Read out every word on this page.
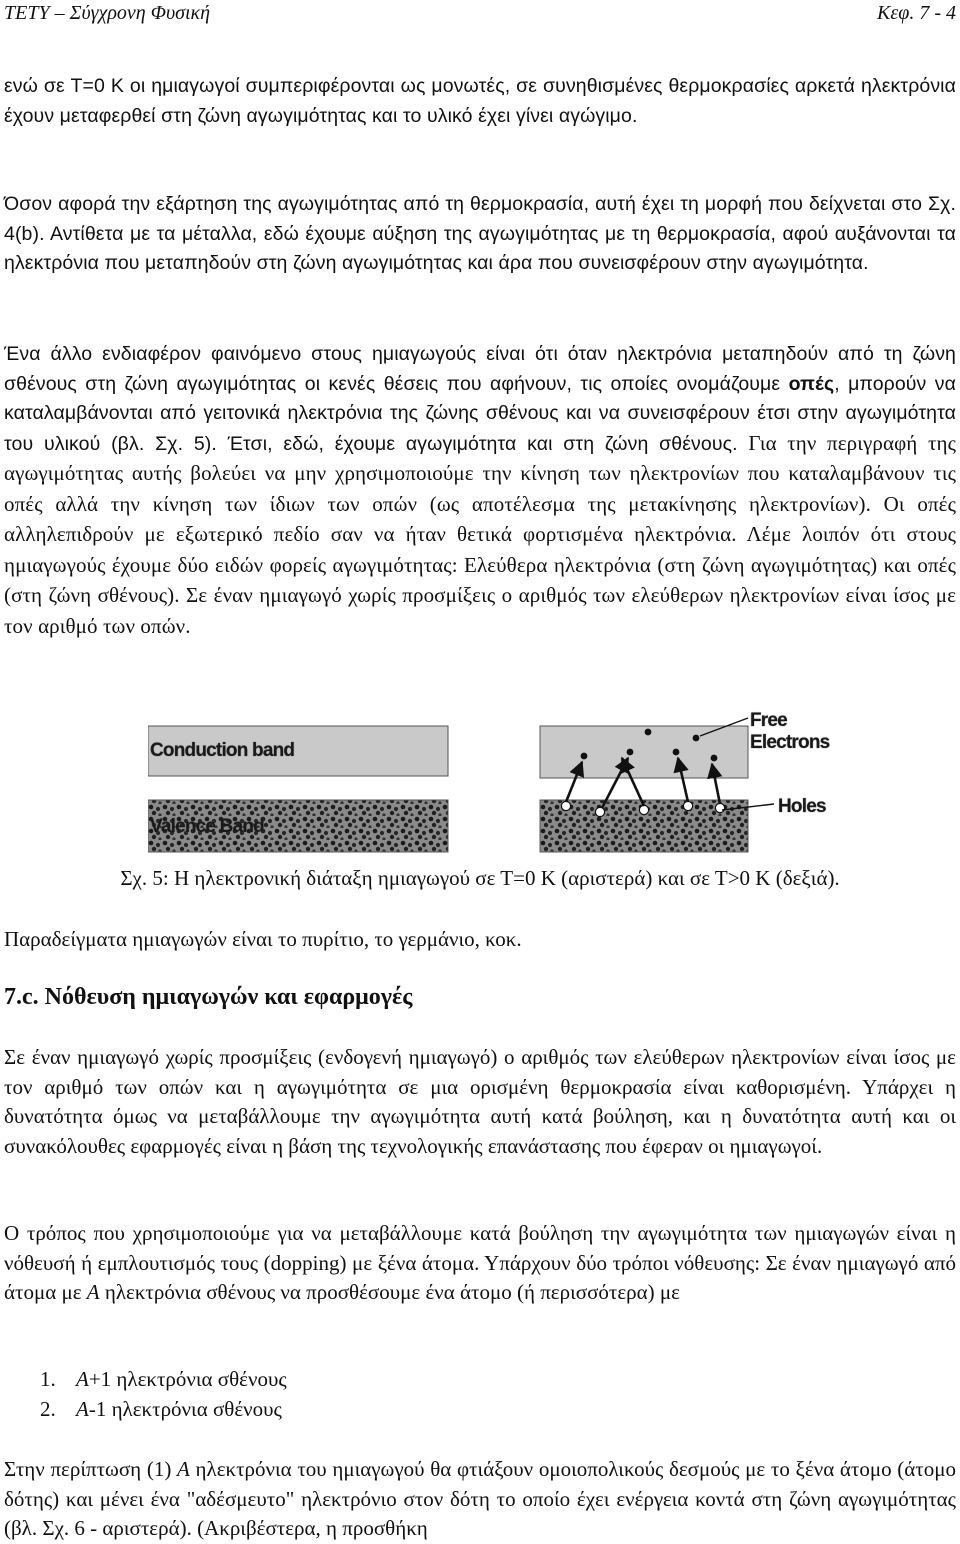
ΤΕΤΥ – Σύγχρονη Φυσική	Κεφ. 7 - 4
ενώ σε Τ=0 Κ οι ημιαγωγοί συμπεριφέρονται ως μονωτές, σε συνηθισμένες θερμοκρασίες αρκετά ηλεκτρόνια έχουν μεταφερθεί στη ζώνη αγωγιμότητας και το υλικό έχει γίνει αγώγιμο.
Όσον αφορά την εξάρτηση της αγωγιμότητας από τη θερμοκρασία, αυτή έχει τη μορφή που δείχνεται στο Σχ. 4(b). Αντίθετα με τα μέταλλα, εδώ έχουμε αύξηση της αγωγιμότητας με τη θερμοκρασία, αφού αυξάνονται τα ηλεκτρόνια που μεταπηδούν στη ζώνη αγωγιμότητας και άρα που συνεισφέρουν στην αγωγιμότητα.
Ένα άλλο ενδιαφέρον φαινόμενο στους ημιαγωγούς είναι ότι όταν ηλεκτρόνια μεταπηδούν από τη ζώνη σθένους στη ζώνη αγωγιμότητας οι κενές θέσεις που αφήνουν, τις οποίες ονομάζουμε οπές, μπορούν να καταλαμβάνονται από γειτονικά ηλεκτρόνια της ζώνης σθένους και να συνεισφέρουν έτσι στην αγωγιμότητα του υλικού (βλ. Σχ. 5). Έτσι, εδώ, έχουμε αγωγιμότητα και στη ζώνη σθένους. Για την περιγραφή της αγωγιμότητας αυτής βολεύει να μην χρησιμοποιούμε την κίνηση των ηλεκτρονίων που καταλαμβάνουν τις οπές αλλά την κίνηση των ίδιων των οπών (ως αποτέλεσμα της μετακίνησης ηλεκτρονίων). Οι οπές αλληλεπιδρούν με εξωτερικό πεδίο σαν να ήταν θετικά φορτισμένα ηλεκτρόνια. Λέμε λοιπόν ότι στους ημιαγωγούς έχουμε δύο ειδών φορείς αγωγιμότητας: Ελεύθερα ηλεκτρόνια (στη ζώνη αγωγιμότητας) και οπές (στη ζώνη σθένους). Σε έναν ημιαγωγό χωρίς προσμίξεις ο αριθμός των ελεύθερων ηλεκτρονίων είναι ίσος με τον αριθμό των οπών.
Conduction band
Valence Band
Free
Electrons
Holes
Σχ. 5: Η ηλεκτρονική διάταξη ημιαγωγού σε Τ=0 Κ (αριστερά) και σε Τ>0 Κ (δεξιά).
Παραδείγματα ημιαγωγών είναι το πυρίτιο, το γερμάνιο, κοκ.
7.c. Νόθευση ημιαγωγών και εφαρμογές
Σε έναν ημιαγωγό χωρίς προσμίξεις (ενδογενή ημιαγωγό) ο αριθμός των ελεύθερων ηλεκτρονίων είναι ίσος με τον αριθμό των οπών και η αγωγιμότητα σε μια ορισμένη θερμοκρασία είναι καθορισμένη. Υπάρχει η δυνατότητα όμως να μεταβάλλουμε την αγωγιμότητα αυτή κατά βούληση, και η δυνατότητα αυτή και οι συνακόλουθες εφαρμογές είναι η βάση της τεχνολογικής επανάστασης που έφεραν οι ημιαγωγοί.
Ο τρόπος που χρησιμοποιούμε για να μεταβάλλουμε κατά βούληση την αγωγιμότητα των ημιαγωγών είναι η νόθευσή ή εμπλουτισμός τους (dopping) με ξένα άτομα. Υπάρχουν δύο τρόποι νόθευσης: Σε έναν ημιαγωγό από άτομα με Α ηλεκτρόνια σθένους να προσθέσουμε ένα άτομο (ή περισσότερα) με
1. Α+1 ηλεκτρόνια σθένους
2. Α-1 ηλεκτρόνια σθένους
Στην περίπτωση (1) Α ηλεκτρόνια του ημιαγωγού θα φτιάξουν ομοιοπολικούς δεσμούς με το ξένα άτομο (άτομο δότης) και μένει ένα "αδέσμευτο" ηλεκτρόνιο στον δότη το οποίο έχει ενέργεια κοντά στη ζώνη αγωγιμότητας (βλ. Σχ. 6 - αριστερά). (Ακριβέστερα, η προσθήκη
